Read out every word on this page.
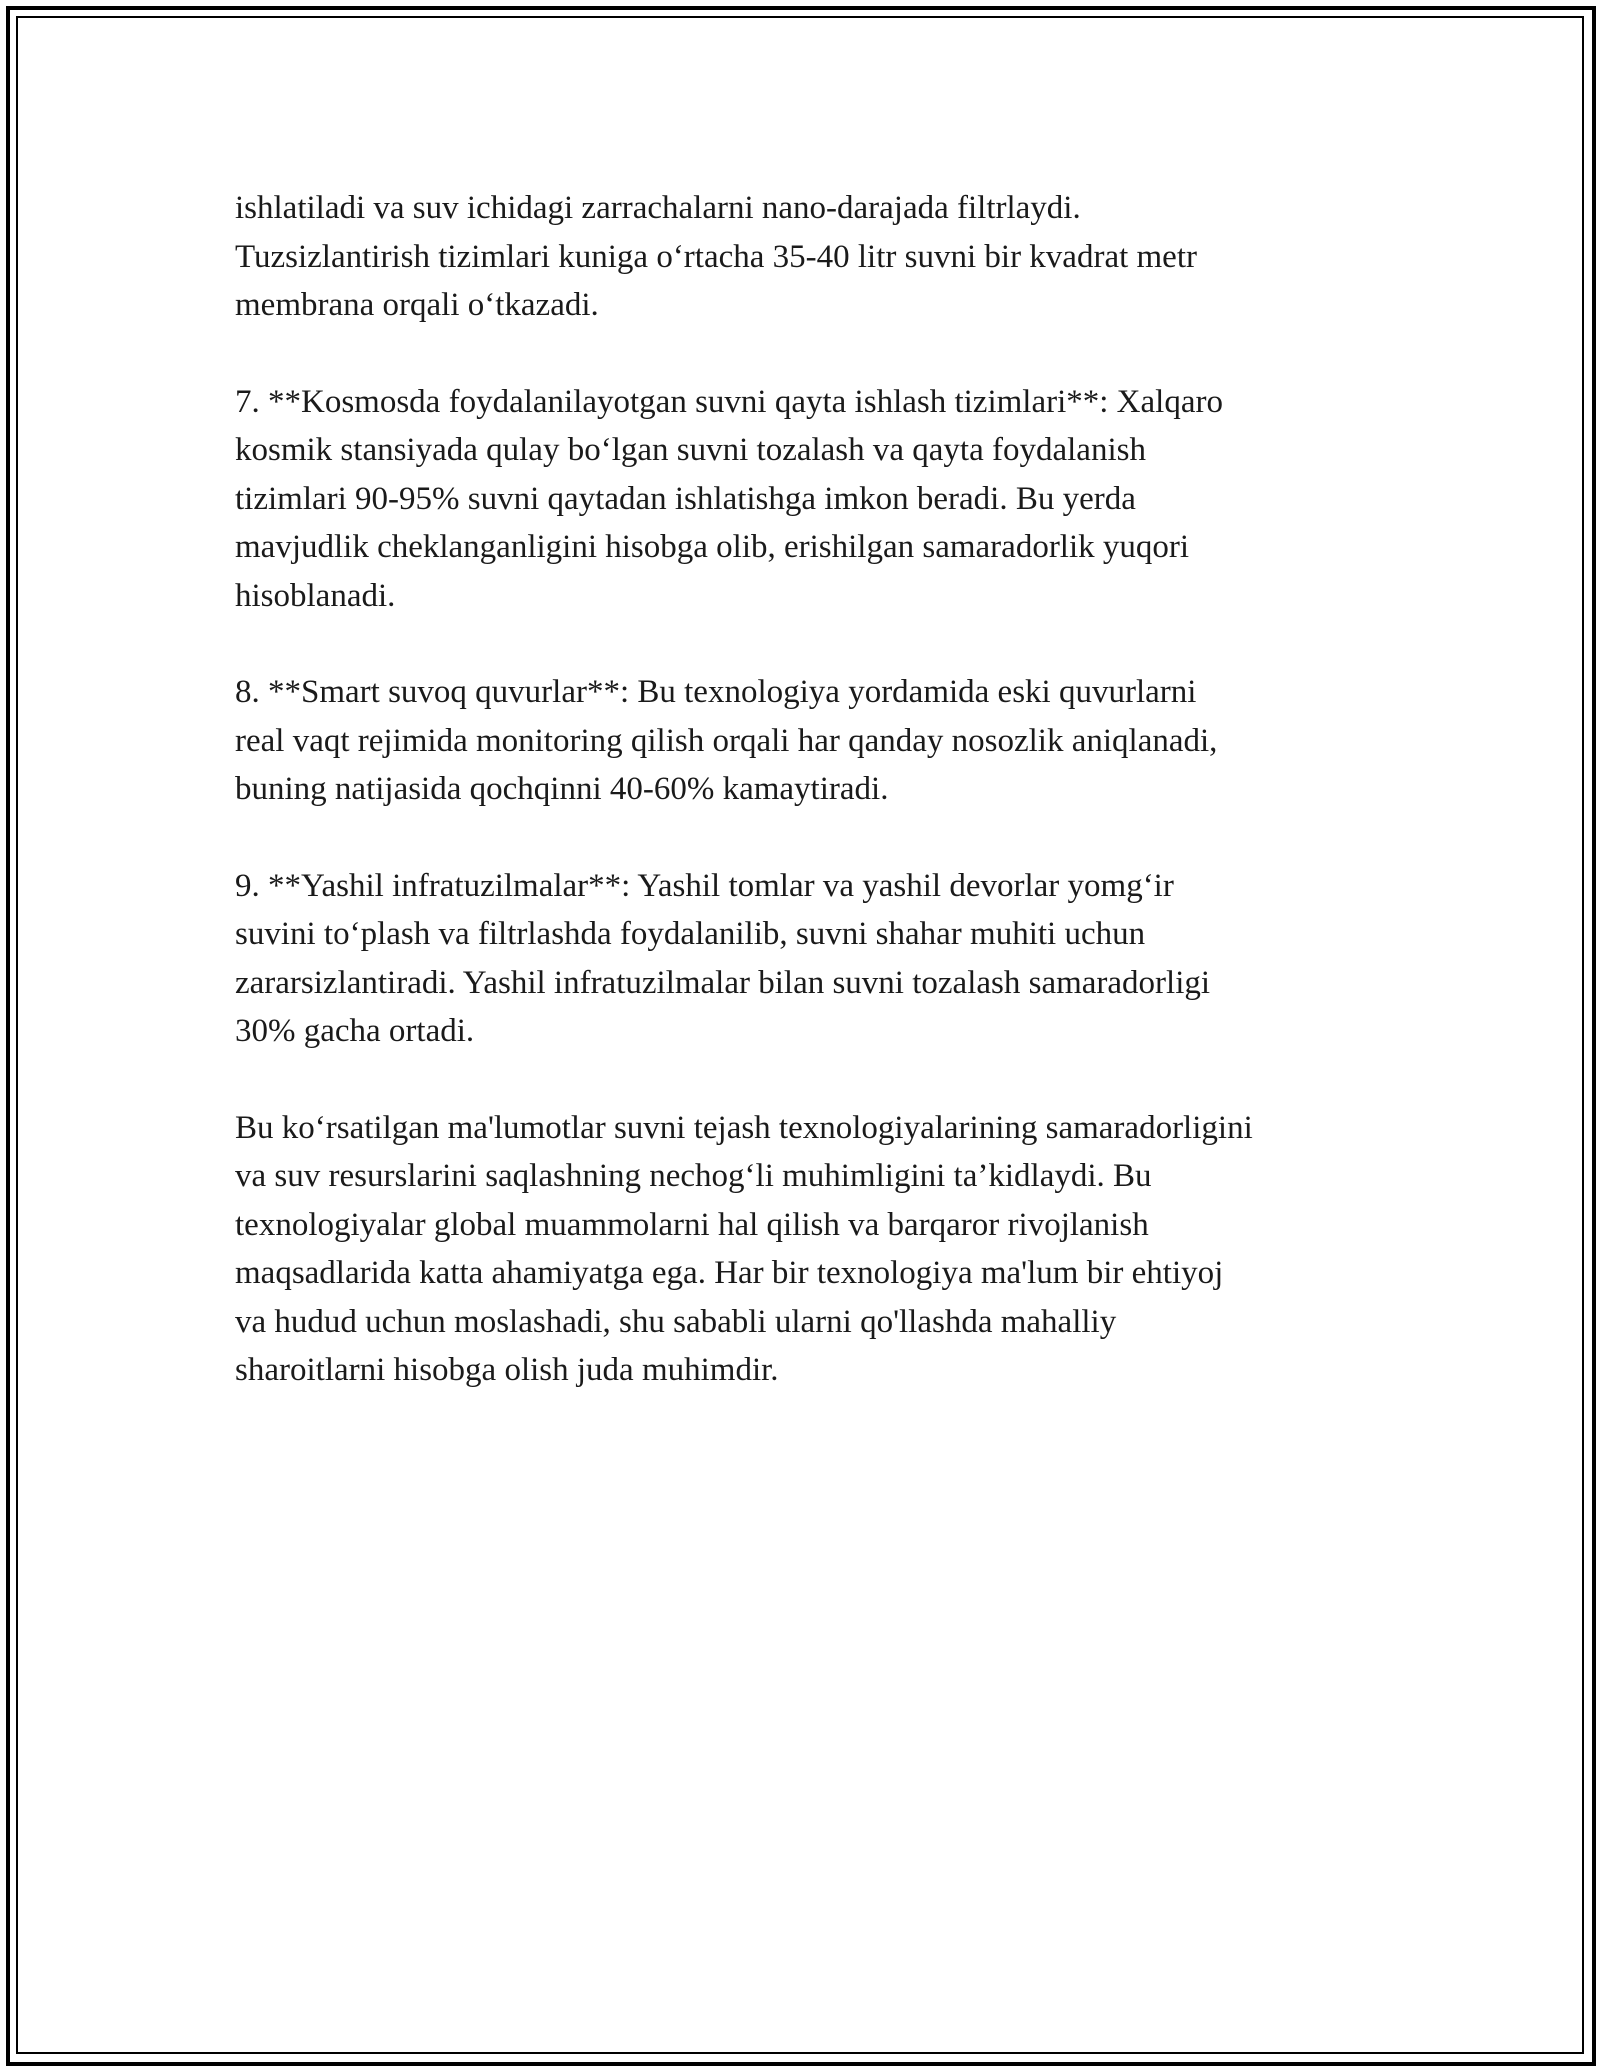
ishlatiladi va suv ichidagi zarrachalarni nano-darajada filtrlaydi.
Tuzsizlantirish tizimlari kuniga o‘rtacha 35-40 litr suvni bir kvadrat metr
membrana orqali o‘tkazadi.

7. **Kosmosda foydalanilayotgan suvni qayta ishlash tizimlari**: Xalqaro
kosmik stansiyada qulay bo‘lgan suvni tozalash va qayta foydalanish
tizimlari 90-95% suvni qaytadan ishlatishga imkon beradi. Bu yerda
mavjudlik cheklanganligini hisobga olib, erishilgan samaradorlik yuqori
hisoblanadi.

8. **Smart suvoq quvurlar**: Bu texnologiya yordamida eski quvurlarni
real vaqt rejimida monitoring qilish orqali har qanday nosozlik aniqlanadi,
buning natijasida qochqinni 40-60% kamaytiradi.

9. **Yashil infratuzilmalar**: Yashil tomlar va yashil devorlar yomg‘ir
suvini to‘plash va filtrlashda foydalanilib, suvni shahar muhiti uchun
zararsizlantiradi. Yashil infratuzilmalar bilan suvni tozalash samaradorligi
30% gacha ortadi.

Bu ko‘rsatilgan ma'lumotlar suvni tejash texnologiyalarining samaradorligini
va suv resurslarini saqlashning nechog‘li muhimligini ta’kidlaydi. Bu
texnologiyalar global muammolarni hal qilish va barqaror rivojlanish
maqsadlarida katta ahamiyatga ega. Har bir texnologiya ma'lum bir ehtiyoj
va hudud uchun moslashadi, shu sababli ularni qo'llashda mahalliy
sharoitlarni hisobga olish juda muhimdir.
